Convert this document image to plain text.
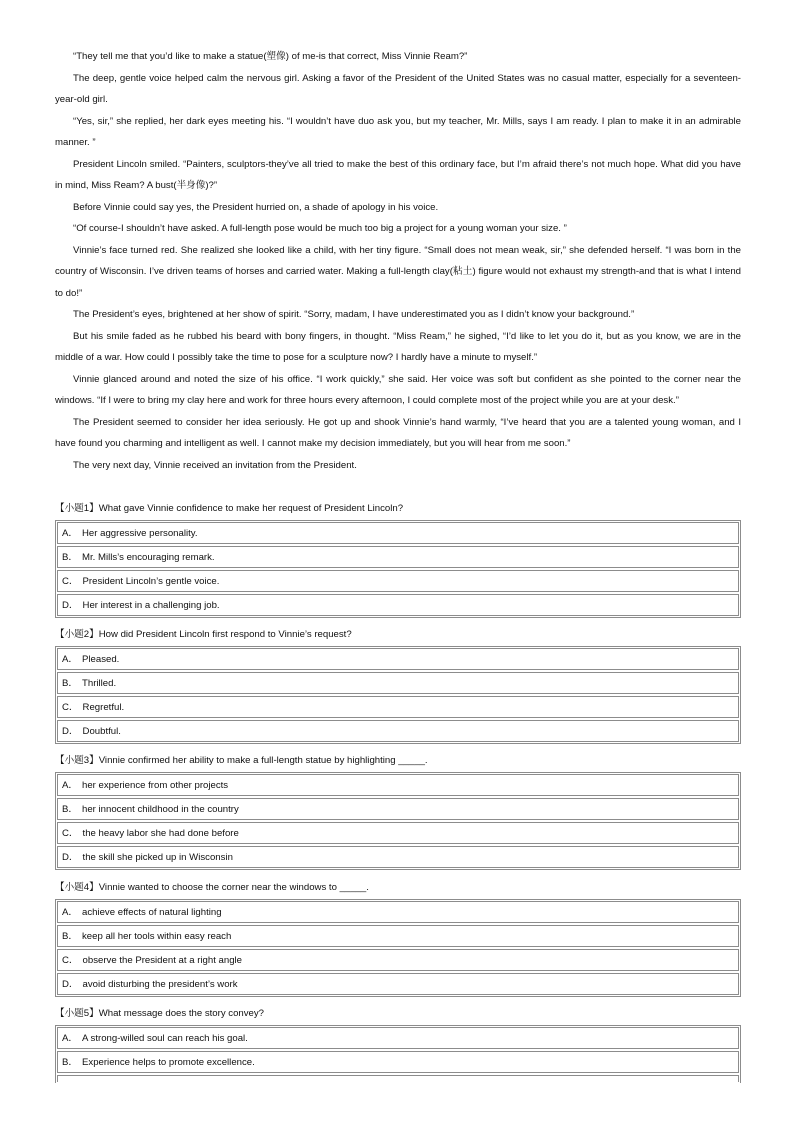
“They tell me that you’d like to make a statue(塑像) of me-is that correct, Miss Vinnie Ream?”

The deep, gentle voice helped calm the nervous girl. Asking a favor of the President of the United States was no casual matter, especially for a seventeen-year-old girl.

“Yes, sir,” she replied, her dark eyes meeting his. “I wouldn’t have duo ask you, but my teacher, Mr. Mills, says I am ready. I plan to make it in an admirable manner. ”

President Lincoln smiled. “Painters, sculptors-they’ve all tried to make the best of this ordinary face, but I’m afraid there’s not much hope. What did you have in mind, Miss Ream? A bust(半身像)?”

Before Vinnie could say yes, the President hurried on, a shade of apology in his voice.

“Of course-I shouldn’t have asked. A full-length pose would be much too big a project for a young woman your size. ”

Vinnie’s face turned red. She realized she looked like a child, with her tiny figure. “Small does not mean weak, sir,” she defended herself. “I was born in the country of Wisconsin. I’ve driven teams of horses and carried water. Making a full-length clay(粘土) figure would not exhaust my strength-and that is what I intend to do!”

The President’s eyes, brightened at her show of spirit. “Sorry, madam, I have underestimated you as I didn’t know your background.”

But his smile faded as he rubbed his beard with bony fingers, in thought. “Miss Ream,” he sighed, “I’d like to let you do it, but as you know, we are in the middle of a war. How could I possibly take the time to pose for a sculpture now? I hardly have a minute to myself.”

Vinnie glanced around and noted the size of his office. “I work quickly,” she said. Her voice was soft but confident as she pointed to the corner near the windows. “If I were to bring my clay here and work for three hours every afternoon, I could complete most of the project while you are at your desk.”

The President seemed to consider her idea seriously. He got up and shook Vinnie’s hand warmly, “I’ve heard that you are a talented young woman, and I have found you charming and intelligent as well. I cannot make my decision immediately, but you will hear from me soon.”

The very next day, Vinnie received an invitation from the President.

【小题1】What gave Vinnie confidence to make her request of President Lincoln?
A． Her aggressive personality.
B． Mr. Mills’s encouraging remark.
C． President Lincoln’s gentle voice.
D． Her interest in a challenging job.
【小题2】How did President Lincoln first respond to Vinnie’s request?
A． Pleased.
B． Thrilled.
C． Regretful.
D． Doubtful.
【小题3】Vinnie confirmed her ability to make a full-length statue by highlighting _____.
A． her experience from other projects
B． her innocent childhood in the country
C． the heavy labor she had done before
D． the skill she picked up in Wisconsin
【小题4】Vinnie wanted to choose the corner near the windows to _____.
A． achieve effects of natural lighting
B． keep all her tools within easy reach
C． observe the President at a right angle
D． avoid disturbing the president’s work
【小题5】What message does the story convey?
A． A strong-willed soul can reach his goal.
B． Experience helps to promote excellence.
